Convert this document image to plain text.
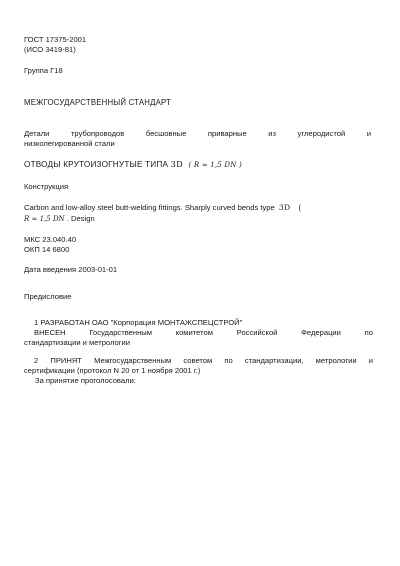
ГОСТ 17375-2001
(ИСО 3419-81)
Группа Г18
МЕЖГОСУДАРСТВЕННЫЙ СТАНДАРТ
Детали трубопроводов бесшовные приварные из углеродистой и
низколегированной стали
ОТВОДЫ КРУТОИЗОГНУТЫЕ ТИПА 3D ( R ≈ 1,5 DN )
Конструкция
Carbon and low-alloy steel butt-welding fittings. Sharply curved bends type 3D (
R ≈ 1,5 DN . Design
МКС 23.040.40
ОКП 14 6800
Дата введения 2003-01-01
Предисловие
1 РАЗРАБОТАН ОАО "Корпорация МОНТАЖСПЕЦСТРОЙ"
ВНЕСЕН Государственным комитетом Российской Федерации по
стандартизации и метрологии
2 ПРИНЯТ Межгосударственным советом по стандартизации, метрологии и
сертификации (протокол N 20 от 1 ноября 2001 г.)
За принятие проголосовали:
